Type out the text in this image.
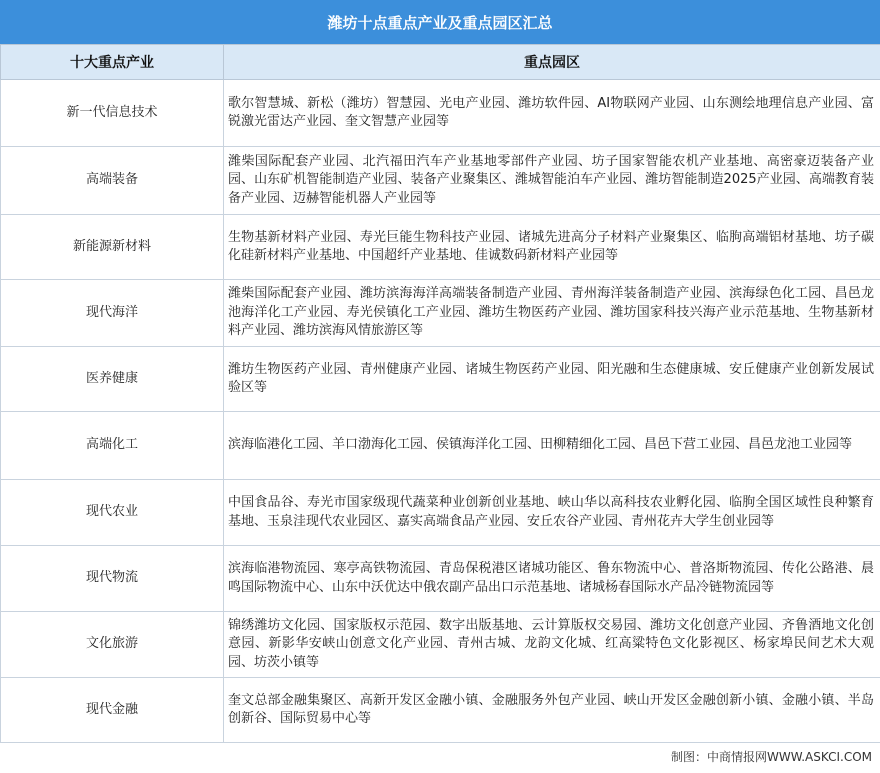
潍坊十点重点产业及重点园区汇总
十大重点产业	重点园区
新一代信息技术	歌尔智慧城、新松（潍坊）智慧园、光电产业园、潍坊软件园、AI物联网产业园、山东测绘地理信息产业园、富锐激光雷达产业园、奎文智慧产业园等
高端装备	潍柴国际配套产业园、北汽福田汽车产业基地零部件产业园、坊子国家智能农机产业基地、高密豪迈装备产业园、山东矿机智能制造产业园、装备产业聚集区、潍城智能泊车产业园、潍坊智能制造2025产业园、高端教育装备产业园、迈赫智能机器人产业园等
新能源新材料	生物基新材料产业园、寿光巨能生物科技产业园、诸城先进高分子材料产业聚集区、临朐高端铝材基地、坊子碳化硅新材料产业基地、中国超纤产业基地、佳诚数码新材料产业园等
现代海洋	潍柴国际配套产业园、潍坊滨海海洋高端装备制造产业园、青州海洋装备制造产业园、滨海绿色化工园、昌邑龙池海洋化工产业园、寿光侯镇化工产业园、潍坊生物医药产业园、潍坊国家科技兴海产业示范基地、生物基新材料产业园、潍坊滨海风情旅游区等
医养健康	潍坊生物医药产业园、青州健康产业园、诸城生物医药产业园、阳光融和生态健康城、安丘健康产业创新发展试验区等
高端化工	滨海临港化工园、羊口渤海化工园、侯镇海洋化工园、田柳精细化工园、昌邑下营工业园、昌邑龙池工业园等
现代农业	中国食品谷、寿光市国家级现代蔬菜种业创新创业基地、峡山华以高科技农业孵化园、临朐全国区域性良种繁育基地、玉泉洼现代农业园区、嘉实高端食品产业园、安丘农谷产业园、青州花卉大学生创业园等
现代物流	滨海临港物流园、寒亭高铁物流园、青岛保税港区诸城功能区、鲁东物流中心、普洛斯物流园、传化公路港、晨鸣国际物流中心、山东中沃优达中俄农副产品出口示范基地、诸城杨春国际水产品冷链物流园等
文化旅游	锦绣潍坊文化园、国家版权示范园、数字出版基地、云计算版权交易园、潍坊文化创意产业园、齐鲁酒地文化创意园、新影华安峡山创意文化产业园、青州古城、龙韵文化城、红高粱特色文化影视区、杨家埠民间艺术大观园、坊茨小镇等
现代金融	奎文总部金融集聚区、高新开发区金融小镇、金融服务外包产业园、峡山开发区金融创新小镇、金融小镇、半岛创新谷、国际贸易中心等
制图：中商情报网WWW.ASKCI.COM
